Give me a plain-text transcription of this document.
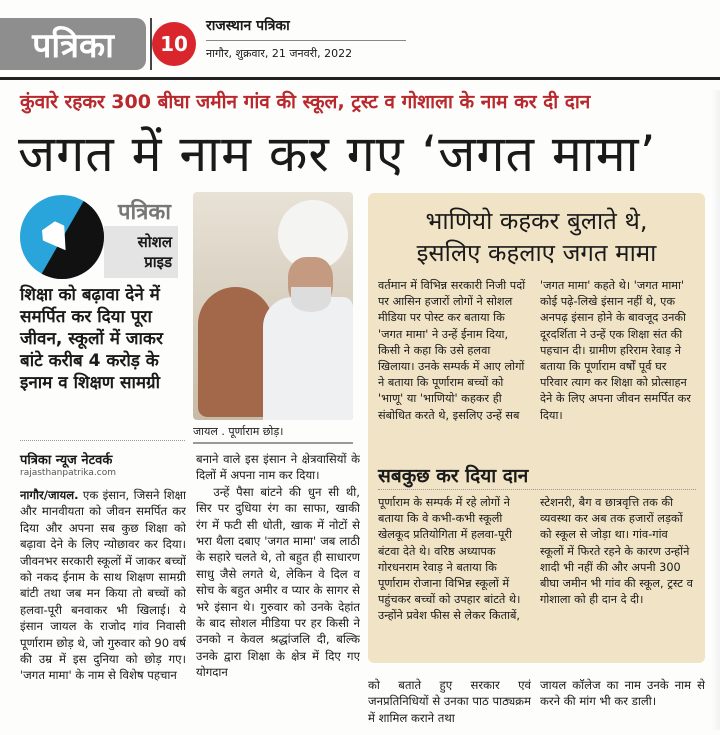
पत्रिका	10
राजस्थान पत्रिका
नागौर, शुक्रवार, 21 जनवरी, 2022
कुंवारे रहकर 300 बीघा जमीन गांव की स्कूल, ट्रस्ट व गोशाला के नाम कर दी दान
जगत में नाम कर गए ‘जगत मामा’
पत्रिका
सोशल
प्राइड
शिक्षा को बढ़ावा देने में समर्पित कर दिया पूरा जीवन, स्कूलों में जाकर बांटे करीब 4 करोड़ के इनाम व शिक्षण सामग्री
जायल . पूर्णाराम छोड़।
पत्रिका न्यूज नेटवर्क
rajasthanpatrika.com
नागौर/जायल. एक इंसान, जिसने शिक्षा और मानवीयता को जीवन समर्पित कर दिया और अपना सब कुछ शिक्षा को बढ़ावा देने के लिए न्योछावर कर दिया। जीवनभर सरकारी स्कूलों में जाकर बच्चों को नकद ईनाम के साथ शिक्षण सामग्री बांटी तथा जब मन किया तो बच्चों को हलवा-पूरी बनवाकर भी खिलाई। ये इंसान जायल के राजोद गांव निवासी पूर्णाराम छोड़ थे, जो गुरुवार को 90 वर्ष की उम्र में इस दुनिया को छोड़ गए। 'जगत मामा' के नाम से विशेष पहचान

बनाने वाले इस इंसान ने क्षेत्रवासियों के दिलों में अपना नाम कर दिया।

उन्हें पैसा बांटने की धुन सी थी, सिर पर दुधिया रंग का साफा, खाकी रंग में फटी सी धोती, खाक में नोटों से भरा थैला दबाए 'जगत मामा' जब लाठी के सहारे चलते थे, तो बहुत ही साधारण साधु जैसे लगते थे, लेकिन वे दिल व सोच के बहुत अमीर व प्यार के सागर से भरे इंसान थे। गुरुवार को उनके देहांत के बाद सोशल मीडिया पर हर किसी ने उनको न केवल श्रद्धांजलि दी, बल्कि उनके द्वारा शिक्षा के क्षेत्र में दिए गए योगदान

भाणियो कहकर बुलाते थे,
इसलिए कहलाए जगत मामा
वर्तमान में विभिन्न सरकारी निजी पदों पर आसिन हजारों लोगों ने सोशल मीडिया पर पोस्ट कर बताया कि 'जगत मामा' ने उन्हें ईनाम दिया, किसी ने कहा कि उसे हलवा खिलाया। उनके सम्पर्क में आए लोगों ने बताया कि पूर्णाराम बच्चों को 'भाणू' या 'भाणियो' कहकर ही संबोधित करते थे, इसलिए उन्हें सब
'जगत मामा' कहते थे। 'जगत मामा' कोई पढ़े-लिखे इंसान नहीं थे, एक अनपढ़ इंसान होने के बावजूद उनकी दूरदर्शिता ने उन्हें एक शिक्षा संत की पहचान दी। ग्रामीण हरिराम रेवाड़ ने बताया कि पूर्णाराम वर्षों पूर्व घर परिवार त्याग कर शिक्षा को प्रोत्साहन देने के लिए अपना जीवन समर्पित कर दिया।
सबकुछ कर दिया दान
पूर्णाराम के सम्पर्क में रहे लोगों ने बताया कि वे कभी-कभी स्कूली खेलकूद प्रतियोगिता में हलवा-पूरी बंटवा देते थे। वरिष्ठ अध्यापक गोरधनराम रेवाड़ ने बताया कि पूर्णाराम रोजाना विभिन्न स्कूलों में पहुंचकर बच्चों को उपहार बांटते थे। उन्होंने प्रवेश फीस से लेकर किताबें,
स्टेशनरी, बैग व छात्रवृत्ति तक की व्यवस्था कर अब तक हजारों लड़कों को स्कूल से जोड़ा था। गांव-गांव स्कूलों में फिरते रहने के कारण उन्होंने शादी भी नहीं की और अपनी 300 बीघा जमीन भी गांव की स्कूल, ट्रस्ट व गोशाला को ही दान दे दी।
को बताते हुए सरकार एवं जनप्रतिनिधियों से उनका पाठ पाठ्यक्रम में शामिल कराने तथा
जायल कॉलेज का नाम उनके नाम से करने की मांग भी कर डाली।
